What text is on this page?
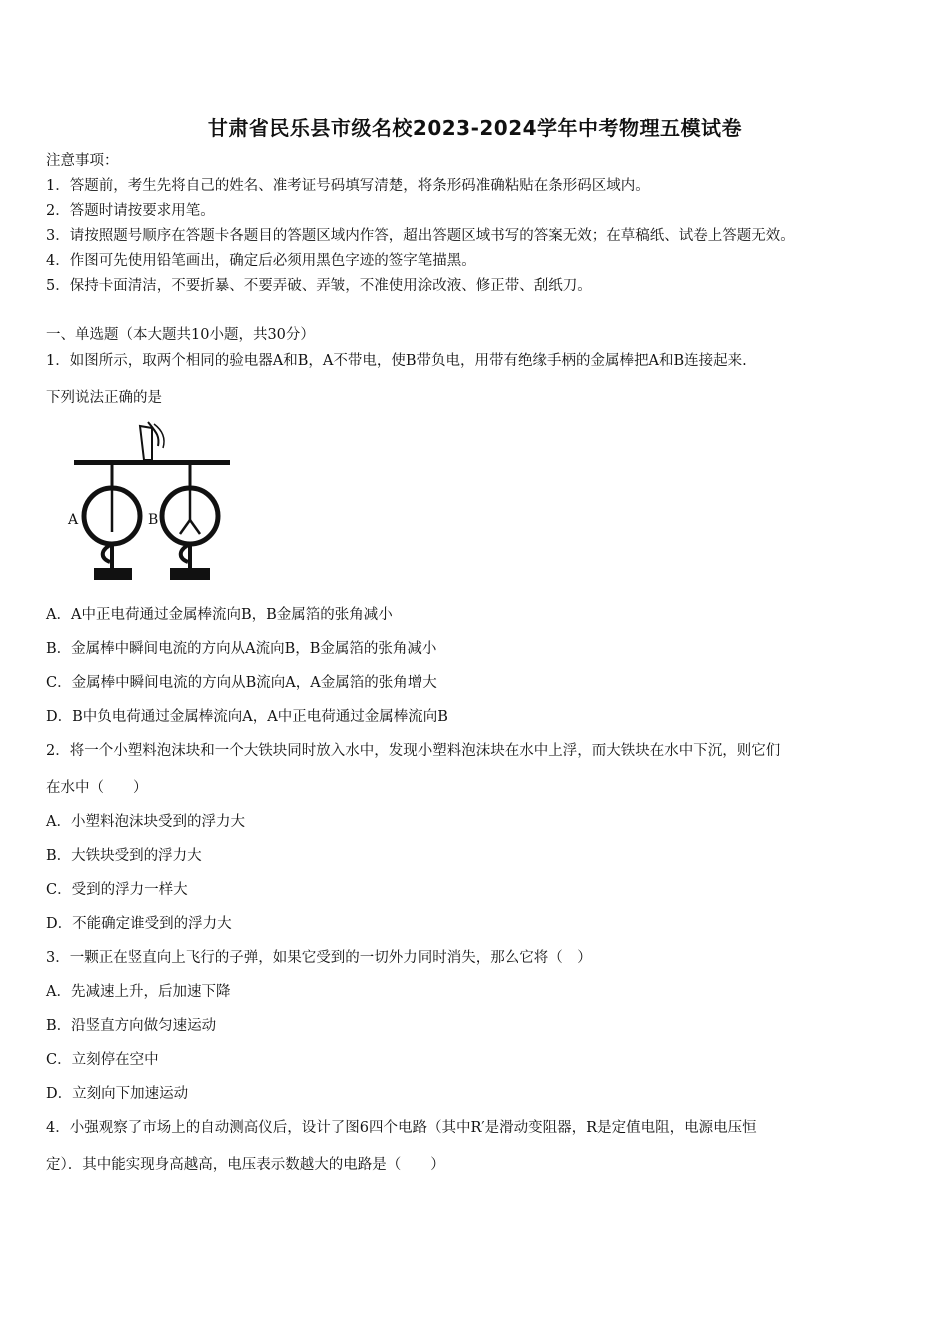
甘肃省民乐县市级名校2023-2024学年中考物理五模试卷
注意事项：
1．答题前，考生先将自己的姓名、准考证号码填写清楚，将条形码准确粘贴在条形码区域内。
2．答题时请按要求用笔。
3．请按照题号顺序在答题卡各题目的答题区域内作答，超出答题区域书写的答案无效；在草稿纸、试卷上答题无效。
4．作图可先使用铅笔画出，确定后必须用黑色字迹的签字笔描黑。
5．保持卡面清洁，不要折暴、不要弄破、弄皱，不准使用涂改液、修正带、刮纸刀。
一、单选题（本大题共10小题，共30分）
1．如图所示，取两个相同的验电器A和B，A不带电，使B带负电，用带有绝缘手柄的金属棒把A和B连接起来.
下列说法正确的是
A	B
A．A中正电荷通过金属棒流向B，B金属箔的张角减小
B．金属棒中瞬间电流的方向从A流向B，B金属箔的张角减小
C．金属棒中瞬间电流的方向从B流向A，A金属箔的张角增大
D．B中负电荷通过金属棒流向A，A中正电荷通过金属棒流向B
2．将一个小塑料泡沫块和一个大铁块同时放入水中，发现小塑料泡沫块在水中上浮，而大铁块在水中下沉，则它们
在水中（　　）
A．小塑料泡沫块受到的浮力大
B．大铁块受到的浮力大
C．受到的浮力一样大
D．不能确定谁受到的浮力大
3．一颗正在竖直向上飞行的子弹，如果它受到的一切外力同时消失，那么它将（　）
A．先减速上升，后加速下降
B．沿竖直方向做匀速运动
C．立刻停在空中
D．立刻向下加速运动
4．小强观察了市场上的自动测高仪后，设计了图6四个电路（其中R′是滑动变阻器，R是定值电阻，电源电压恒
定）．其中能实现身高越高，电压表示数越大的电路是（　　）
